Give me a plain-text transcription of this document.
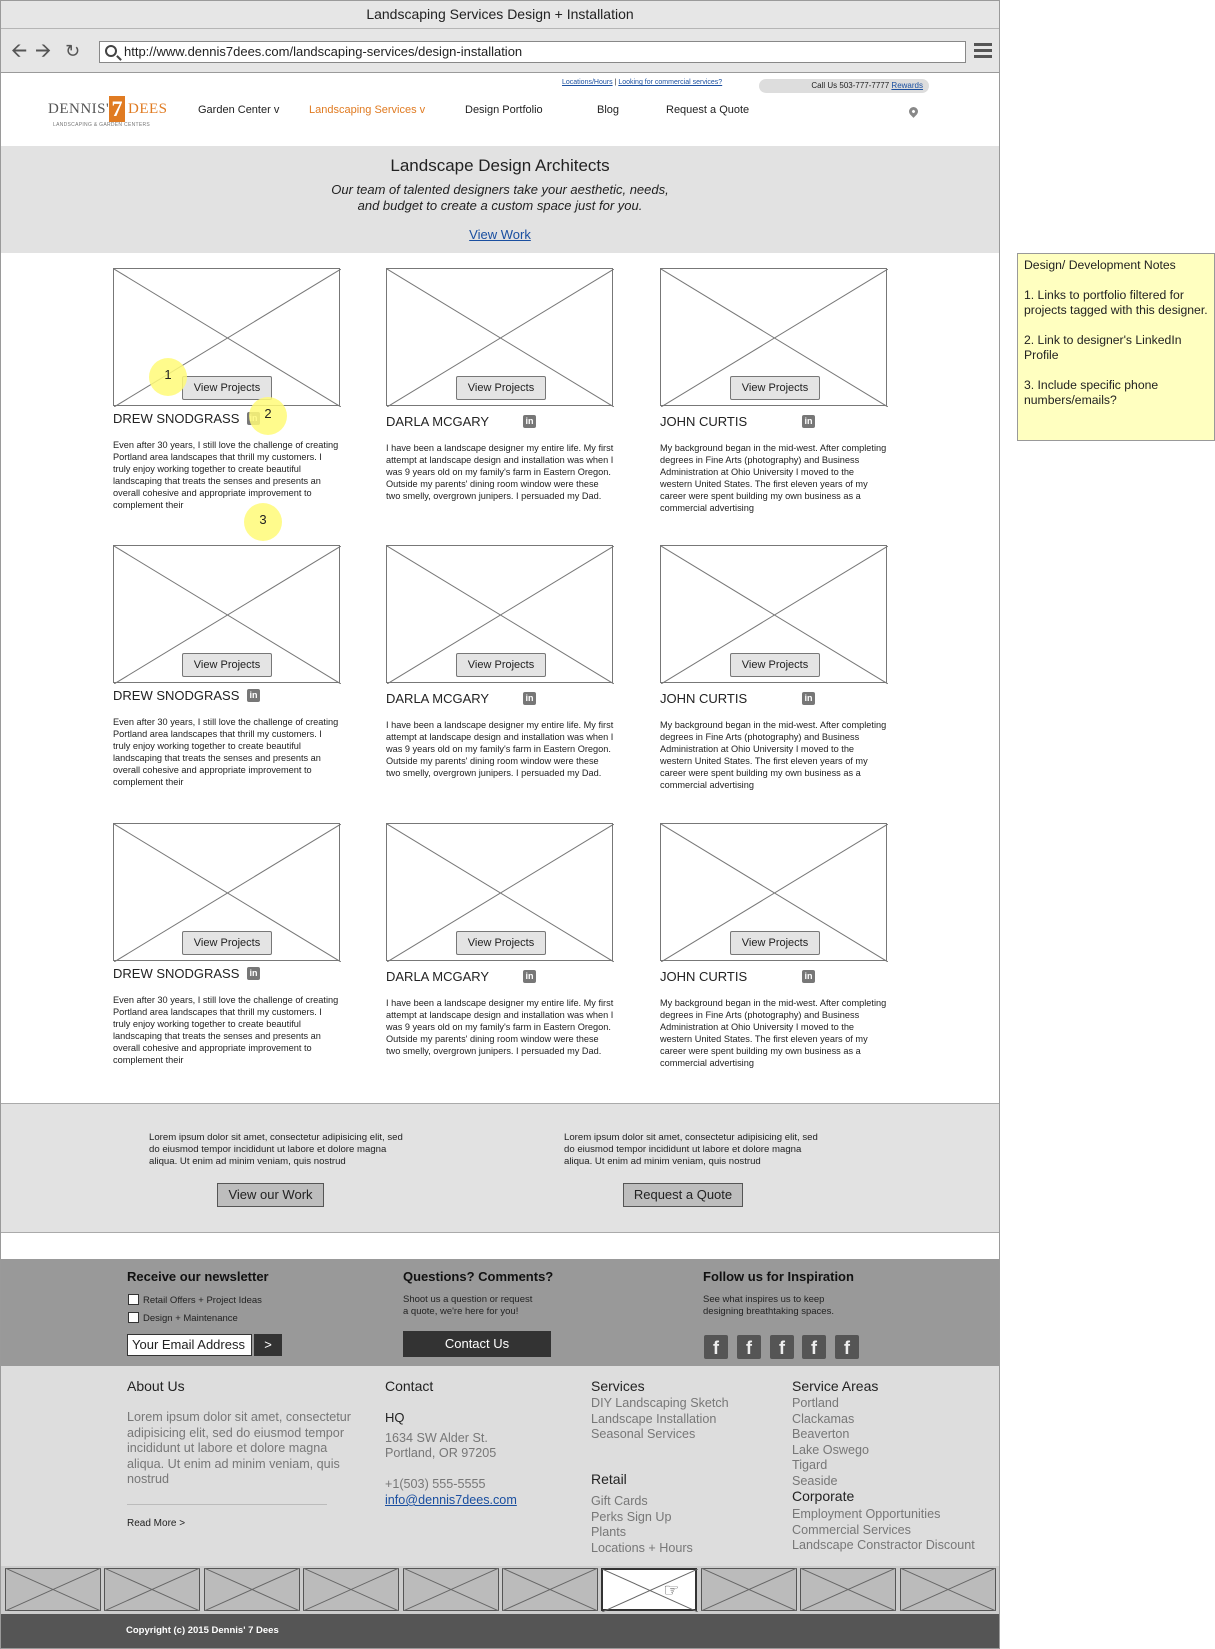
Landscaping Services Design + Installation
🡨 🡪 ↻	http://www.dennis7dees.com/landscaping-services/design-installation
Locations/Hours | Looking for commercial services?	Call Us 503-777-7777 Rewards
DENNIS' 7 DEES
LANDSCAPING & GARDEN CENTERS
Garden Center v	Landscaping Services v	Design Portfolio	Blog	Request a Quote
Landscape Design Architects

Our team of talented designers take your aesthetic, needs,
and budget to create a custom space just for you.

View Work
View Projects
DREW SNODGRASS
Even after 30 years, I still love the challenge of creating Portland area landscapes that thrill my customers. I truly enjoy working together to create beautiful landscaping that treats the senses and presents an overall cohesive and appropriate improvement to complement their
View Projects
DARLA MCGARY	in
I have been a landscape designer my entire life. My first attempt at landscape design and installation was when I was 9 years old on my family's farm in Eastern Oregon. Outside my parents' dining room window were these two smelly, overgrown junipers. I persuaded my Dad.
View Projects
JOHN CURTIS	in
My background began in the mid-west. After completing degrees in Fine Arts (photography) and Business Administration at Ohio University I moved to the western United States. The first eleven years of my career were spent building my own business as a commercial advertising
View Projects
DREW SNODGRASS in
Even after 30 years, I still love the challenge of creating Portland area landscapes that thrill my customers. I truly enjoy working together to create beautiful landscaping that treats the senses and presents an overall cohesive and appropriate improvement to complement their
View Projects
DARLA MCGARY	in
I have been a landscape designer my entire life. My first attempt at landscape design and installation was when I was 9 years old on my family's farm in Eastern Oregon. Outside my parents' dining room window were these two smelly, overgrown junipers. I persuaded my Dad.
View Projects
JOHN CURTIS	in
My background began in the mid-west. After completing degrees in Fine Arts (photography) and Business Administration at Ohio University I moved to the western United States. The first eleven years of my career were spent building my own business as a commercial advertising
View Projects
DREW SNODGRASS in
Even after 30 years, I still love the challenge of creating Portland area landscapes that thrill my customers. I truly enjoy working together to create beautiful landscaping that treats the senses and presents an overall cohesive and appropriate improvement to complement their
View Projects
DARLA MCGARY	in
I have been a landscape designer my entire life. My first attempt at landscape design and installation was when I was 9 years old on my family's farm in Eastern Oregon. Outside my parents' dining room window were these two smelly, overgrown junipers. I persuaded my Dad.
View Projects
JOHN CURTIS	in
My background began in the mid-west. After completing degrees in Fine Arts (photography) and Business Administration at Ohio University I moved to the western United States. The first eleven years of my career were spent building my own business as a commercial advertising
1
2
3
Lorem ipsum dolor sit amet, consectetur adipisicing elit, sed do eiusmod tempor incididunt ut labore et dolore magna aliqua. Ut enim ad minim veniam, quis nostrud
View our Work
Lorem ipsum dolor sit amet, consectetur adipisicing elit, sed do eiusmod tempor incididunt ut labore et dolore magna aliqua. Ut enim ad minim veniam, quis nostrud
Request a Quote
Receive our newsletter
Retail Offers + Project Ideas
Design + Maintenance
Your Email Address	>
Questions? Comments?
Shoot us a question or request
a quote, we're here for you!
Contact Us
Follow us for Inspiration
See what inspires us to keep
designing breathtaking spaces.
f	f	f	f	f
About Us
Lorem ipsum dolor sit amet, consectetur adipisicing elit, sed do eiusmod tempor incididunt ut labore et dolore magna aliqua. Ut enim ad minim veniam, quis nostrud
Read More >
Contact
HQ
1634 SW Alder St.
Portland, OR 97205
+1(503) 555-5555
info@dennis7dees.com
Services
DIY Landscaping Sketch
Landscape Installation
Seasonal Services
Retail
Gift Cards
Perks Sign Up
Plants
Locations + Hours
Service Areas
Portland
Clackamas
Beaverton
Lake Oswego
Tigard
Seaside
Corporate
Employment Opportunities
Commercial Services
Landscape Constractor Discount
☞
Copyright (c) 2015 Dennis' 7 Dees
Design/ Development Notes

1. Links to portfolio filtered for projects tagged with this designer.

2. Link to designer's LinkedIn Profile

3. Include specific phone numbers/emails?
